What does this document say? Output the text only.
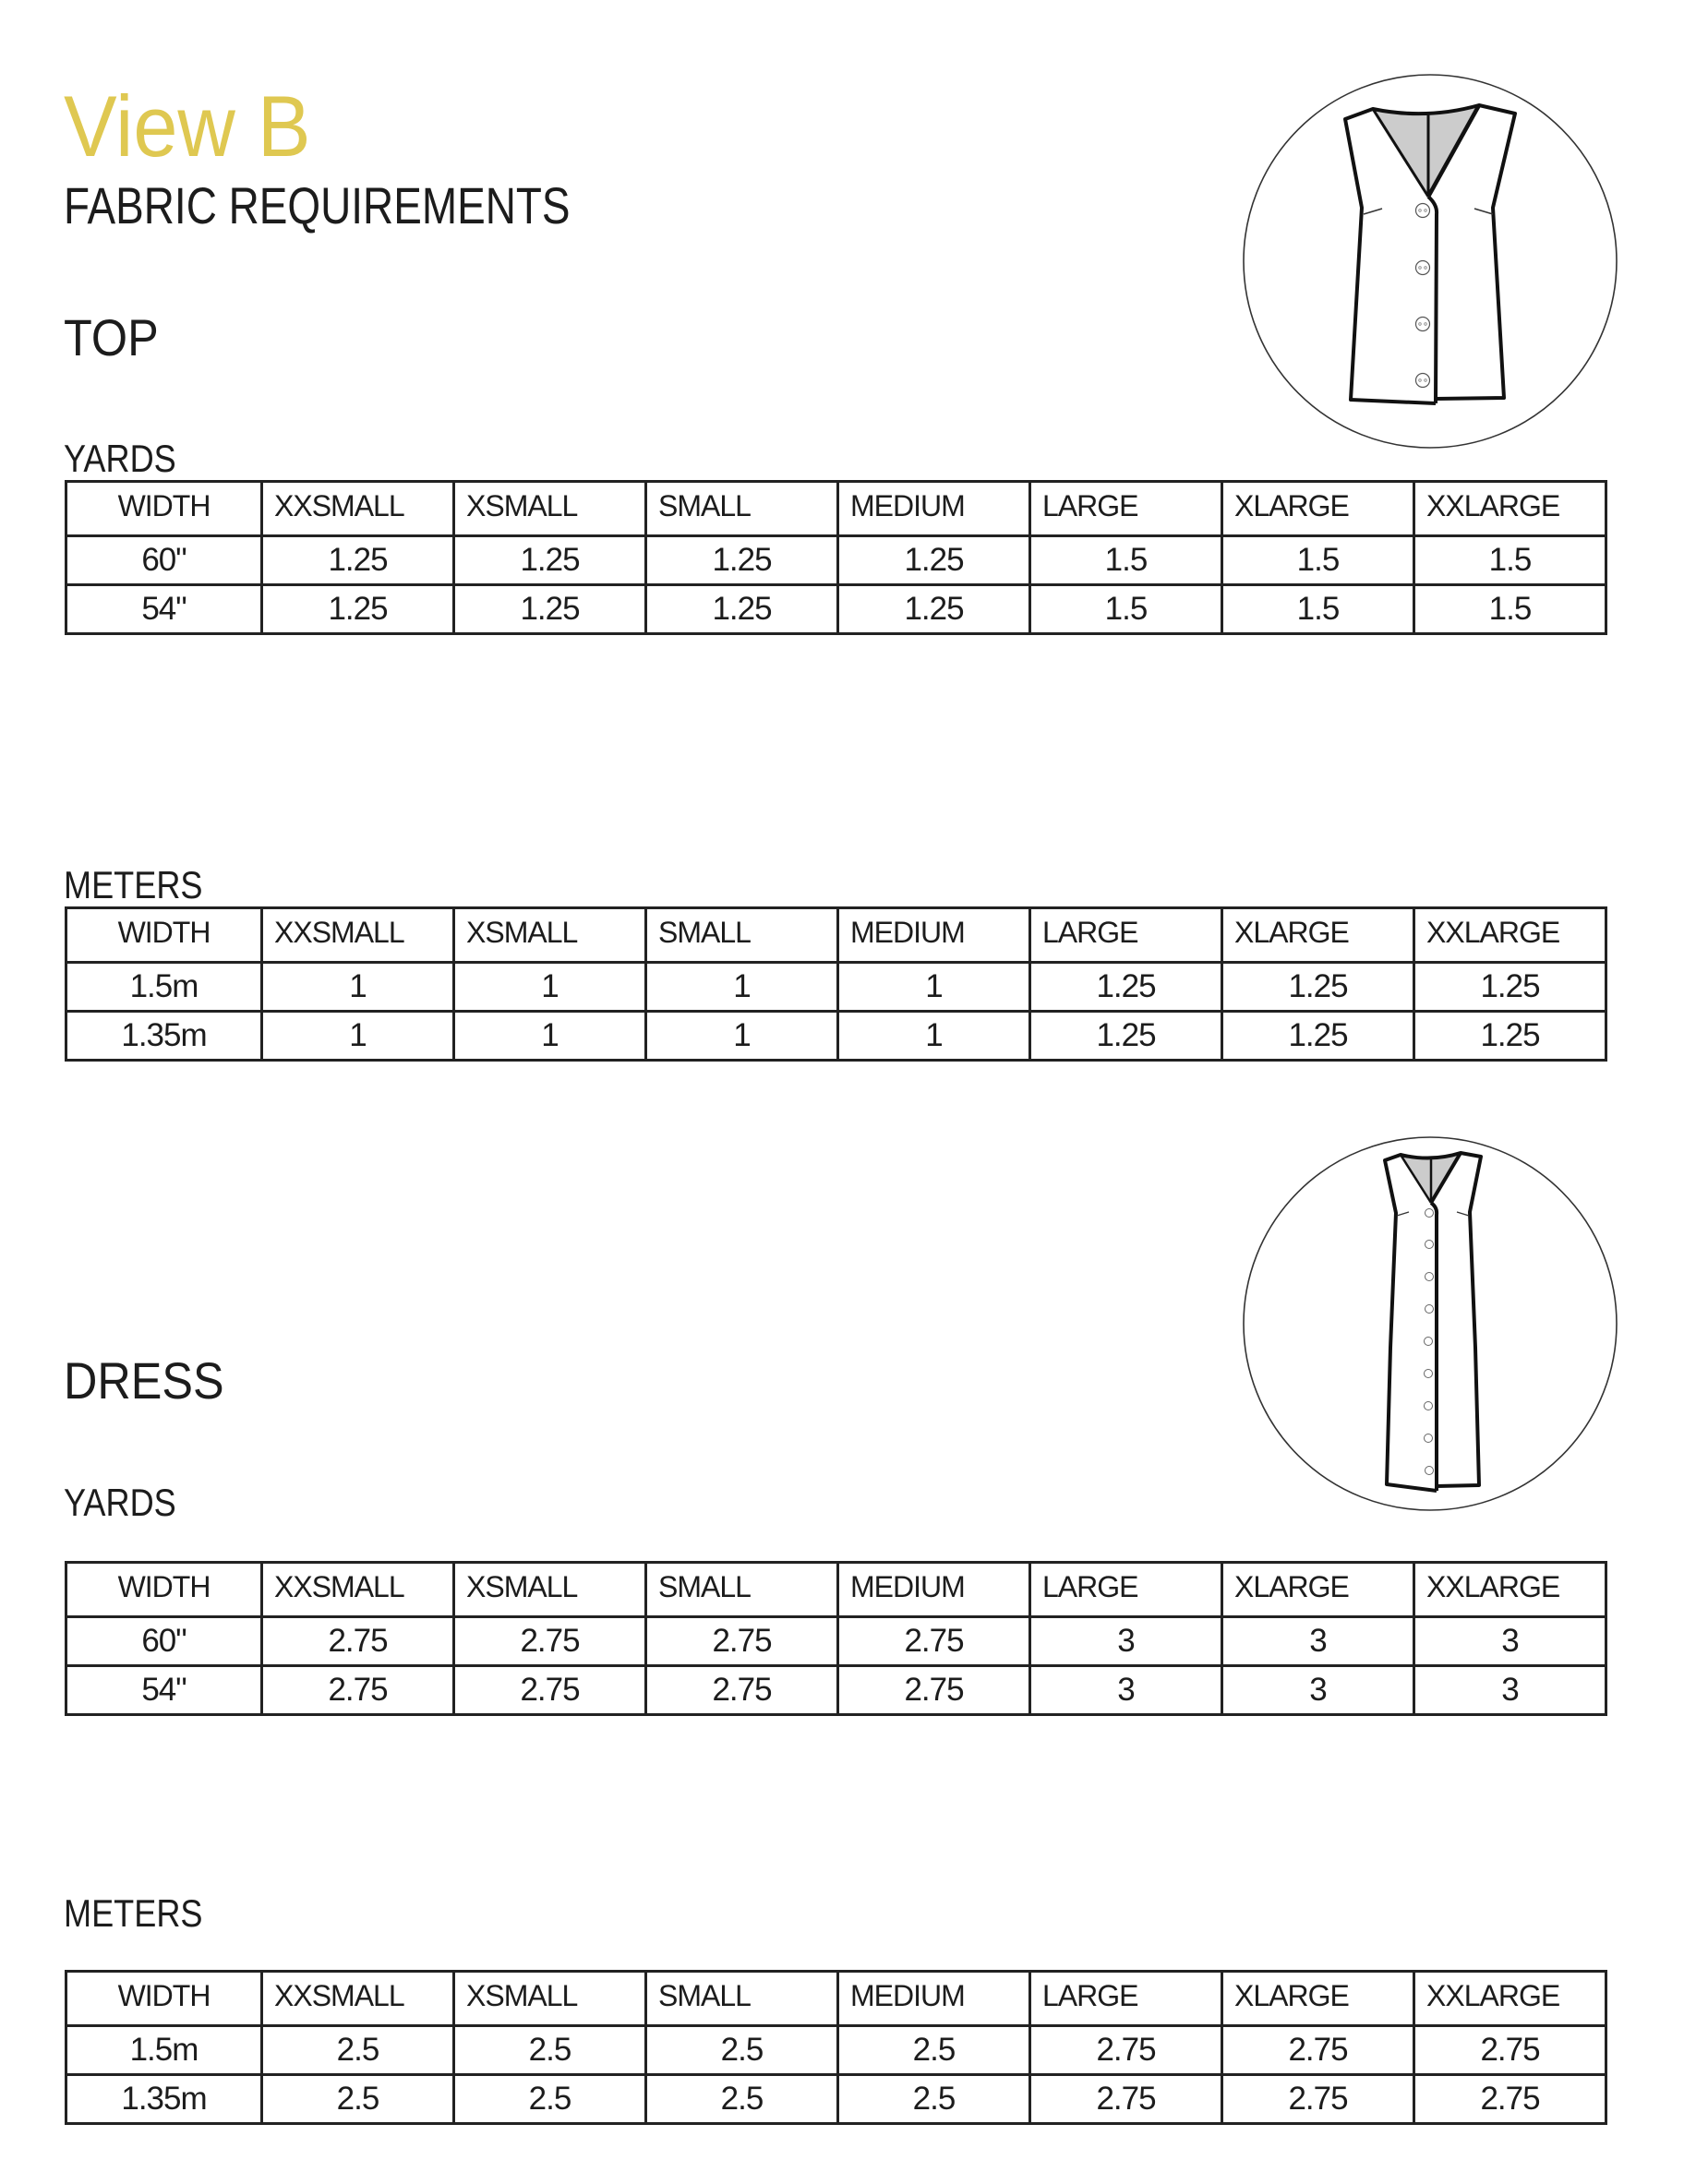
View B
FABRIC REQUIREMENTS
TOP
YARDS
WIDTH	XXSMALL	XSMALL	SMALL	MEDIUM	LARGE	XLARGE	XXLARGE
60"	1.25	1.25	1.25	1.25	1.5	1.5	1.5
54"	1.25	1.25	1.25	1.25	1.5	1.5	1.5
METERS
WIDTH	XXSMALL	XSMALL	SMALL	MEDIUM	LARGE	XLARGE	XXLARGE
1.5m	1	1	1	1	1.25	1.25	1.25
1.35m	1	1	1	1	1.25	1.25	1.25
DRESS
YARDS
WIDTH	XXSMALL	XSMALL	SMALL	MEDIUM	LARGE	XLARGE	XXLARGE
60"	2.75	2.75	2.75	2.75	3	3	3
54"	2.75	2.75	2.75	2.75	3	3	3
METERS
WIDTH	XXSMALL	XSMALL	SMALL	MEDIUM	LARGE	XLARGE	XXLARGE
1.5m	2.5	2.5	2.5	2.5	2.75	2.75	2.75
1.35m	2.5	2.5	2.5	2.5	2.75	2.75	2.75
